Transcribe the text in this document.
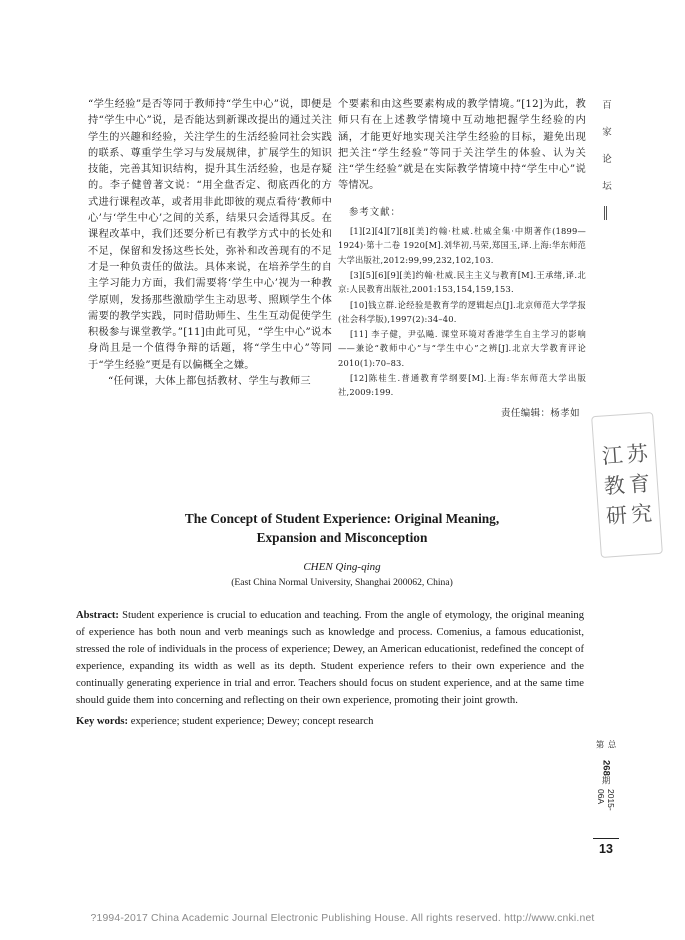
“学生经验”是否等同于教师持“学生中心”说，即便是持“学生中心”说，是否能达到新课改提出的通过关注学生的兴趣和经验，关注学生的生活经验同社会实践的联系、尊重学生学习与发展规律，扩展学生的知识技能，完善其知识结构，提升其生活经验，也是存疑的。李子健曾著文说：“用全盘否定、彻底西化的方式进行课程改革，或者用非此即彼的观点看待‘教师中心’与‘学生中心’之间的关系，结果只会适得其反。在课程改革中，我们还要分析已有教学方式中的长处和不足，保留和发扬这些长处，弥补和改善现有的不足才是一种负责任的做法。具体来说，在培养学生的自主学习能力方面，我们需要将‘学生中心’视为一种教学原则，发扬那些激励学生主动思考、照顾学生个体需要的教学实践，同时借助师生、生生互动促使学生积极参与课堂教学。”[11]由此可见，“学生中心”说本身尚且是一个值得争辩的话题，将“学生中心”等同于“学生经验”更是有以偏概全之嫌。

“任何课，大体上都包括教材、学生与教师三

个要素和由这些要素构成的教学情境。”[12]为此，教师只有在上述教学情境中互动地把握学生经验的内涵，才能更好地实现关注学生经验的目标，避免出现把关注“学生经验”等同于关注学生的体验、认为关注“学生经验”就是在实际教学情境中持“学生中心”说等情况。

参考文献：

[1][2][4][7][8][美]约翰·杜威.杜威全集·中期著作(1899—1924)·第十二卷 1920[M].刘华初,马荣,郑国玉,译.上海:华东师范大学出版社,2012:99,99,232,102,103.

[3][5][6][9][美]约翰·杜威.民主主义与教育[M].王承绪,译.北京:人民教育出版社,2001:153,154,159,153.

[10]钱立群.论经验是教育学的逻辑起点[J].北京师范大学学报(社会科学版),1997(2):34–40.

[11] 李子健，尹弘飚. 课堂环境对香港学生自主学习的影响——兼论“教师中心”与“学生中心”之辨[J].北京大学教育评论 2010(1):70–83.

[12]陈桂生.普通教育学纲要[M].上海:华东师范大学出版社,2009:199.

责任编辑：杨孝如

百
家
论
坛
江 苏
教 育
研 究
The Concept of Student Experience: Original Meaning,
Expansion and Misconception
CHEN Qing-qing
(East China Normal University, Shanghai 200062, China)
Abstract: Student experience is crucial to education and teaching. From the angle of etymology, the original meaning of experience has both noun and verb meanings such as knowledge and process. Comenius, a famous educationist, stressed the role of individuals in the process of experience; Dewey, an American educationist, redefined the concept of experience, expanding its width as well as its depth. Student experience refers to their own experience and the continually generating experience in trial and error. Teachers should focus on student experience, and at the same time should guide them into concerning and reflecting on their own experience, promoting their joint growth.
Key words: experience; student experience; Dewey; concept research
总第
268
期
2015-06A
13
?1994-2017 China Academic Journal Electronic Publishing House. All rights reserved. http://www.cnki.net
